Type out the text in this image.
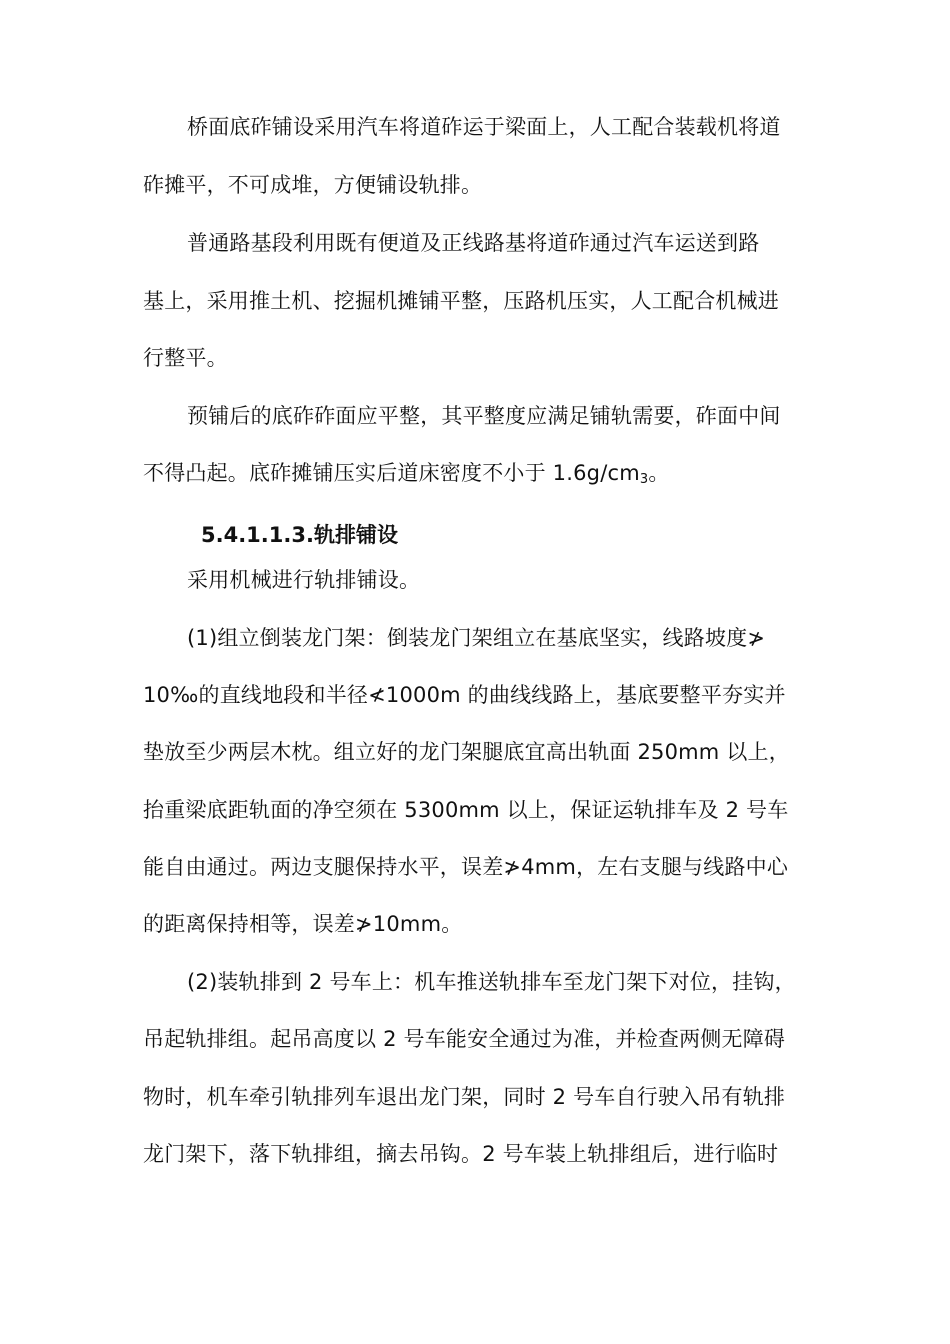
桥面底砟铺设采用汽车将道砟运于梁面上，人工配合装载机将道
砟摊平，不可成堆，方便铺设轨排。
普通路基段利用既有便道及正线路基将道砟通过汽车运送到路
基上，采用推土机、挖掘机摊铺平整，压路机压实，人工配合机械进
行整平。
预铺后的底砟砟面应平整，其平整度应满足铺轨需要，砟面中间
不得凸起。底砟摊铺压实后道床密度不小于 $1.6g/cm_3$。
5.4.1.1.3.轨排铺设
采用机械进行轨排铺设。
(1)组立倒装龙门架：倒装龙门架组立在基底坚实，线路坡度≯
10‰的直线地段和半径≮1000m 的曲线线路上，基底要整平夯实并
垫放至少两层木枕。组立好的龙门架腿底宜高出轨面 250mm 以上，
抬重梁底距轨面的净空须在 5300mm 以上，保证运轨排车及 2 号车
能自由通过。两边支腿保持水平，误差≯4mm，左右支腿与线路中心
的距离保持相等，误差≯10mm。
(2)装轨排到 2 号车上：机车推送轨排车至龙门架下对位，挂钩，
吊起轨排组。起吊高度以 2 号车能安全通过为准，并检查两侧无障碍
物时，机车牵引轨排列车退出龙门架，同时 2 号车自行驶入吊有轨排
龙门架下，落下轨排组，摘去吊钩。2 号车装上轨排组后，进行临时
